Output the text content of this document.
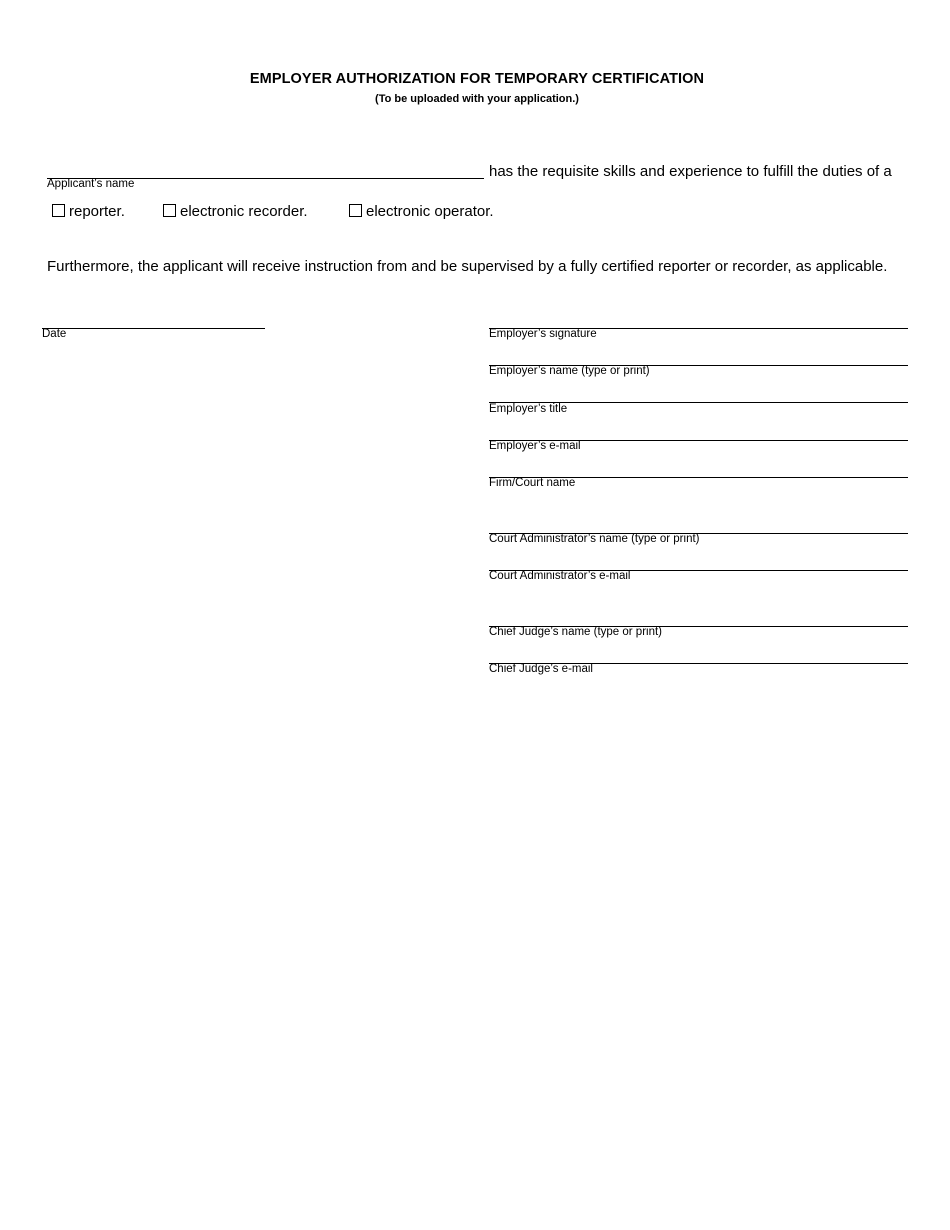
EMPLOYER AUTHORIZATION FOR TEMPORARY CERTIFICATION
(To be uploaded with your application.)
Applicant’s name
has the requisite skills and experience to fulfill the duties of a
reporter.	electronic recorder.	electronic operator.
Furthermore, the applicant will receive instruction from and be supervised by a fully certified reporter or recorder, as applicable.
Date	Employer’s signature
Employer’s name (type or print)
Employer’s title
Employer’s e-mail
Firm/Court name
Court Administrator’s name (type or print)
Court Administrator’s e-mail
Chief Judge’s name (type or print)
Chief Judge’s e-mail
